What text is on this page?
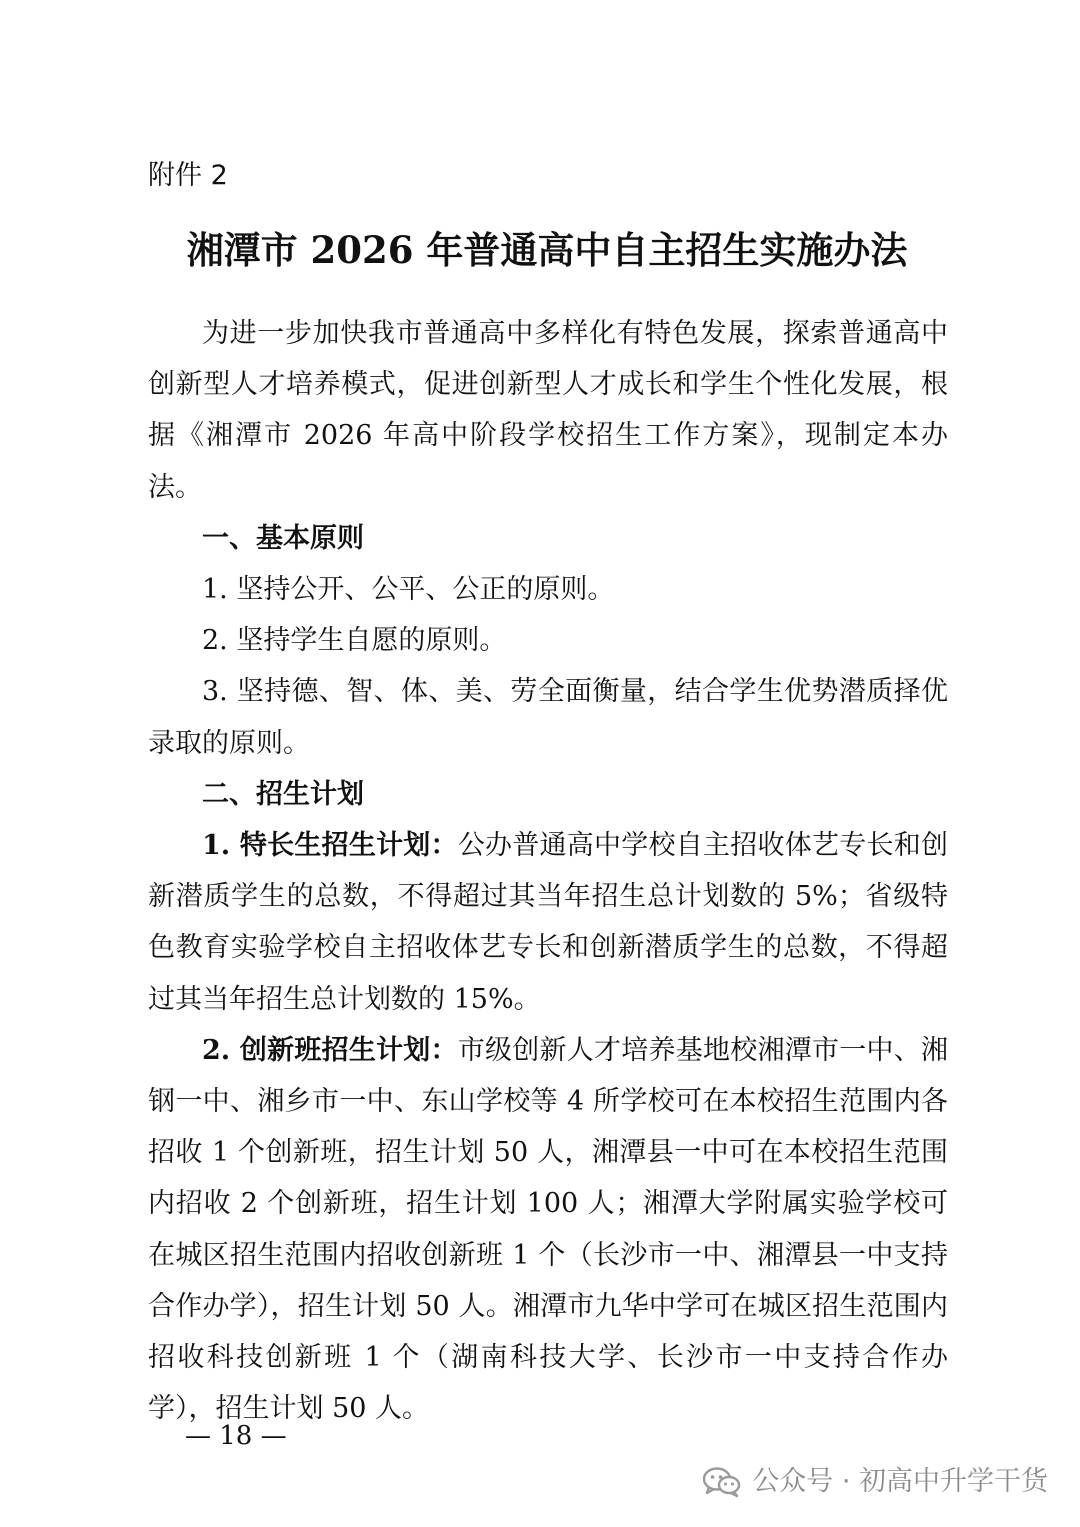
附件 2
湘潭市 2026 年普通高中自主招生实施办法

为进一步加快我市普通高中多样化有特色发展，探索普通高中创新型人才培养模式，促进创新型人才成长和学生个性化发展，根据《湘潭市 2026 年高中阶段学校招生工作方案》，现制定本办法。

一、基本原则

1. 坚持公开、公平、公正的原则。

2. 坚持学生自愿的原则。

3. 坚持德、智、体、美、劳全面衡量，结合学生优势潜质择优录取的原则。

二、招生计划

1. 特长生招生计划：公办普通高中学校自主招收体艺专长和创新潜质学生的总数，不得超过其当年招生总计划数的 5%；省级特色教育实验学校自主招收体艺专长和创新潜质学生的总数，不得超过其当年招生总计划数的 15%。

2. 创新班招生计划：市级创新人才培养基地校湘潭市一中、湘钢一中、湘乡市一中、东山学校等 4 所学校可在本校招生范围内各招收 1 个创新班，招生计划 50 人，湘潭县一中可在本校招生范围内招收 2 个创新班，招生计划 100 人；湘潭大学附属实验学校可在城区招生范围内招收创新班 1 个（长沙市一中、湘潭县一中支持合作办学），招生计划 50 人。湘潭市九华中学可在城区招生范围内招收科技创新班 1 个（湖南科技大学、长沙市一中支持合作办学），招生计划 50 人。

— 18 —
公众号 · 初高中升学干货
